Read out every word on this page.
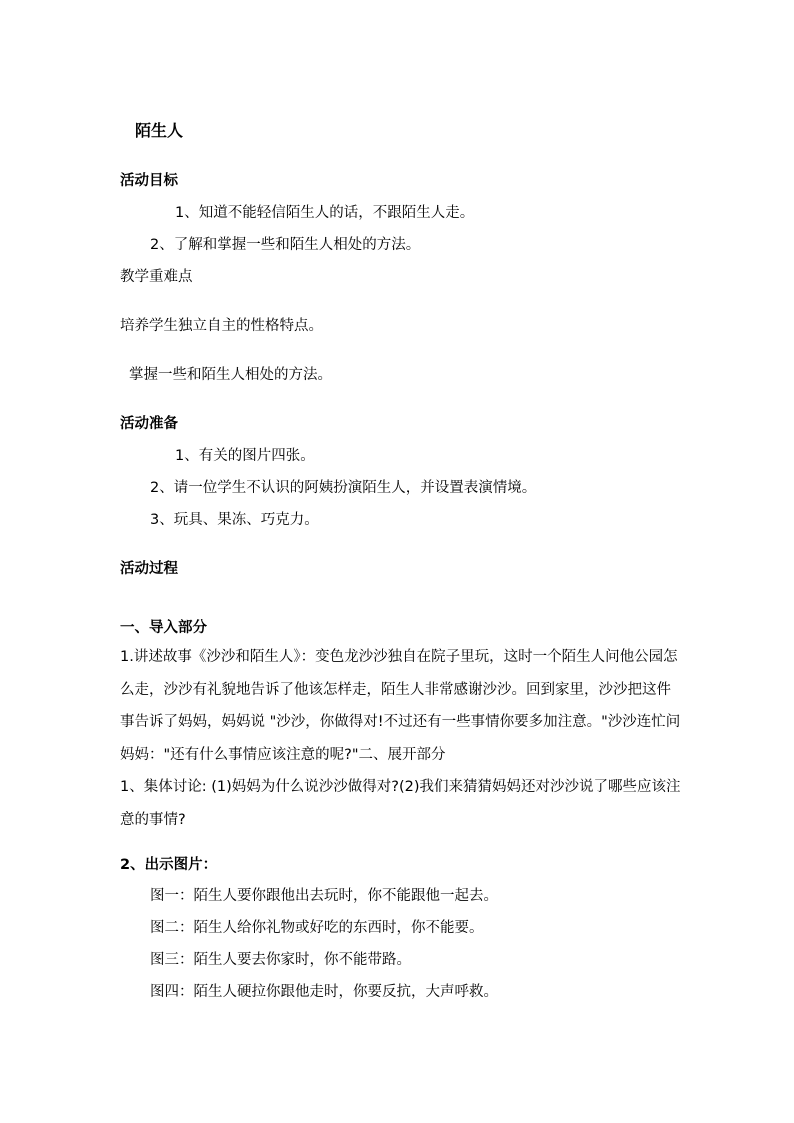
陌生人
活动目标
1、知道不能轻信陌生人的话，不跟陌生人走。
2、了解和掌握一些和陌生人相处的方法。
教学重难点
培养学生独立自主的性格特点。
掌握一些和陌生人相处的方法。
活动准备
1、有关的图片四张。
2、请一位学生不认识的阿姨扮演陌生人，并设置表演情境。
3、玩具、果冻、巧克力。
活动过程
一、导入部分
1.讲述故事《沙沙和陌生人》：变色龙沙沙独自在院子里玩，这时一个陌生人问他公园怎么走，沙沙有礼貌地告诉了他该怎样走，陌生人非常感谢沙沙。回到家里，沙沙把这件事告诉了妈妈，妈妈说 "沙沙，你做得对!不过还有一些事情你要多加注意。"沙沙连忙问妈妈："还有什么事情应该注意的呢?"二、展开部分
1、集体讨论: (1)妈妈为什么说沙沙做得对?(2)我们来猜猜妈妈还对沙沙说了哪些应该注意的事情?
2、出示图片：
图一：陌生人要你跟他出去玩时，你不能跟他一起去。
图二：陌生人给你礼物或好吃的东西时，你不能要。
图三：陌生人要去你家时，你不能带路。
图四：陌生人硬拉你跟他走时，你要反抗，大声呼救。
